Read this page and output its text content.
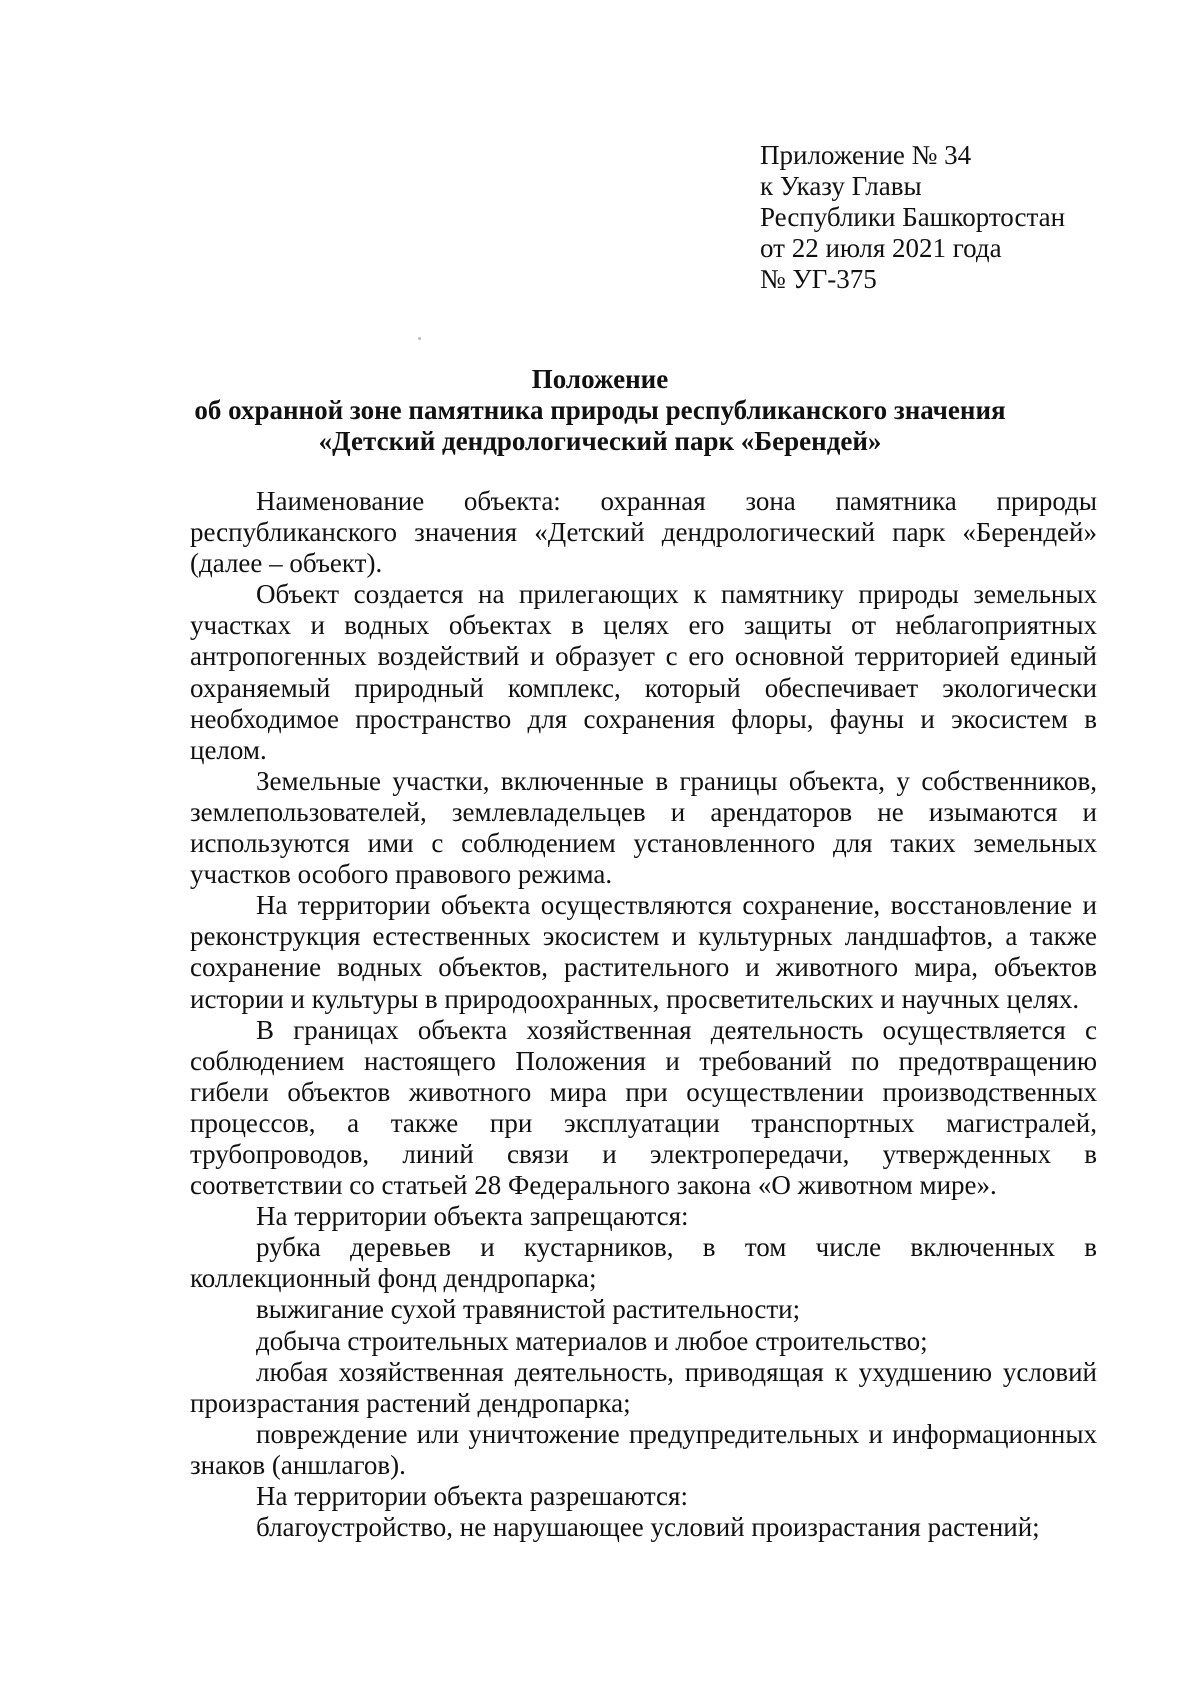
Приложение № 34
к Указу Главы
Республики Башкортостан
от 22 июля 2021 года
№ УГ-375
Положение
об охранной зоне памятника природы республиканского значения
«Детский дендрологический парк «Берендей»

Наименование объекта: охранная зона памятника природы республиканского значения «Детский дендрологический парк «Берендей» (далее – объект).

Объект создается на прилегающих к памятнику природы земельных участках и водных объектах в целях его защиты от неблагоприятных антропогенных воздействий и образует с его основной территорией единый охраняемый природный комплекс, который обеспечивает экологически необходимое пространство для сохранения флоры, фауны и экосистем в целом.

Земельные участки, включенные в границы объекта, у собственников, землепользователей, землевладельцев и арендаторов не изымаются и используются ими с соблюдением установленного для таких земельных участков особого правового режима.

На территории объекта осуществляются сохранение, восстановление и реконструкция естественных экосистем и культурных ландшафтов, а также сохранение водных объектов, растительного и животного мира, объектов истории и культуры в природоохранных, просветительских и научных целях.

В границах объекта хозяйственная деятельность осуществляется с соблюдением настоящего Положения и требований по предотвращению гибели объектов животного мира при осуществлении производственных процессов, а также при эксплуатации транспортных магистралей, трубопроводов, линий связи и электропередачи, утвержденных в соответствии со статьей 28 Федерального закона «О животном мире».

На территории объекта запрещаются:

рубка деревьев и кустарников, в том числе включенных в коллекционный фонд дендропарка;

выжигание сухой травянистой растительности;

добыча строительных материалов и любое строительство;

любая хозяйственная деятельность, приводящая к ухудшению условий произрастания растений дендропарка;

повреждение или уничтожение предупредительных и информационных знаков (аншлагов).

На территории объекта разрешаются:

благоустройство, не нарушающее условий произрастания растений;
